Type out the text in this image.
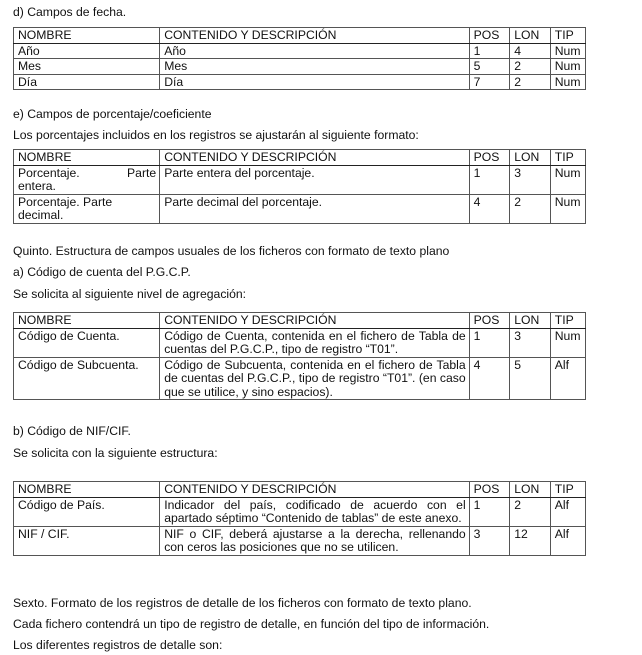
d) Campos de fecha.

NOMBRE	CONTENIDO Y DESCRIPCIÓN	POS	LON	TIP
Año	Año	1	4	Num
Mes	Mes	5	2	Num
Día	Día	7	2	Num

e) Campos de porcentaje/coeficiente

Los porcentajes incluidos en los registros se ajustarán al siguiente formato:

NOMBRE	CONTENIDO Y DESCRIPCIÓN	POS	LON	TIP

Porcentaje. Parte
entera.	Parte entera del porcentaje.	1	3	Num

Porcentaje. Parte decimal.	Parte decimal del porcentaje.	4	2	Num

Quinto. Estructura de campos usuales de los ficheros con formato de texto plano

a) Código de cuenta del P.G.C.P.

Se solicita al siguiente nivel de agregación:

NOMBRE	CONTENIDO Y DESCRIPCIÓN	POS	LON	TIP
Código de Cuenta.	Código de Cuenta, contenida en el fichero de Tabla de cuentas del P.G.C.P., tipo de registro “T01”.	1	3	Num
Código de Subcuenta.	Código de Subcuenta, contenida en el fichero de Tabla de cuentas del P.G.C.P., tipo de registro “T01”. (en caso que se utilice, y sino espacios).	4	5	Alf

b) Código de NIF/CIF.

Se solicita con la siguiente estructura:

NOMBRE	CONTENIDO Y DESCRIPCIÓN	POS	LON	TIP
Código de País.	Indicador del país, codificado de acuerdo con el apartado séptimo “Contenido de tablas” de este anexo.	1	2	Alf
NIF / CIF.	NIF o CIF, deberá ajustarse a la derecha, rellenando con ceros las posiciones que no se utilicen.	3	12	Alf

Sexto. Formato de los registros de detalle de los ficheros con formato de texto plano.

Cada fichero contendrá un tipo de registro de detalle, en función del tipo de información.

Los diferentes registros de detalle son:
